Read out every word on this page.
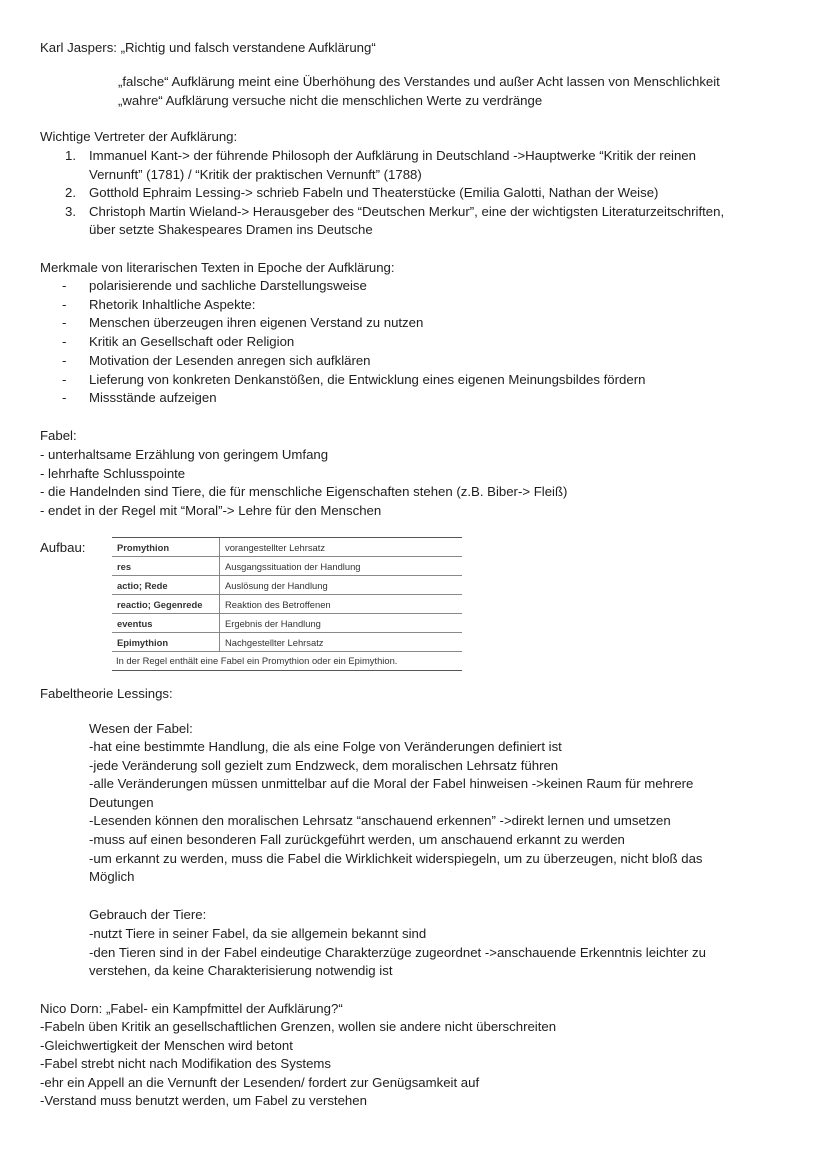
Karl Jaspers: „Richtig und falsch verstandene Aufklärung“

„falsche“ Aufklärung meint eine Überhöhung des Verstandes und außer Acht lassen von Menschlichkeit

„wahre“ Aufklärung versuche nicht die menschlichen Werte zu verdränge

Wichtige Vertreter der Aufklärung:
1. Immanuel Kant-> der führende Philosoph der Aufklärung in Deutschland ->Hauptwerke “Kritik der reinen
Vernunft” (1781) / “Kritik der praktischen Vernunft” (1788)
2. Gotthold Ephraim Lessing-> schrieb Fabeln und Theaterstücke (Emilia Galotti, Nathan der Weise)
3. Christoph Martin Wieland-> Herausgeber des “Deutschen Merkur”, eine der wichtigsten Literaturzeitschriften,
über setzte Shakespeares Dramen ins Deutsche
Merkmale von literarischen Texten in Epoche der Aufklärung:
- polarisierende und sachliche Darstellungsweise
- Rhetorik Inhaltliche Aspekte:
- Menschen überzeugen ihren eigenen Verstand zu nutzen
- Kritik an Gesellschaft oder Religion
- Motivation der Lesenden anregen sich aufklären
- Lieferung von konkreten Denkanstößen, die Entwicklung eines eigenen Meinungsbildes fördern
- Missstände aufzeigen
Fabel:

- unterhaltsame Erzählung von geringem Umfang

- lehrhafte Schlusspointe

- die Handelnden sind Tiere, die für menschliche Eigenschaften stehen (z.B. Biber-> Fleiß)

- endet in der Regel mit “Moral”-> Lehre für den Menschen

Aufbau:	Promythion	vorangestellter Lehrsatz
res	Ausgangssituation der Handlung
actio; Rede	Auslösung der Handlung
reactio; Gegenrede	Reaktion des Betroffenen
eventus	Ergebnis der Handlung
Epimythion	Nachgestellter Lehrsatz
In der Regel enthält eine Fabel ein Promythion oder ein Epimythion.
Fabeltheorie Lessings:
Wesen der Fabel:

-hat eine bestimmte Handlung, die als eine Folge von Veränderungen definiert ist

-jede Veränderung soll gezielt zum Endzweck, dem moralischen Lehrsatz führen

-alle Veränderungen müssen unmittelbar auf die Moral der Fabel hinweisen ->keinen Raum für mehrere

Deutungen

-Lesenden können den moralischen Lehrsatz “anschauend erkennen” ->direkt lernen und umsetzen

-muss auf einen besonderen Fall zurückgeführt werden, um anschauend erkannt zu werden

-um erkannt zu werden, muss die Fabel die Wirklichkeit widerspiegeln, um zu überzeugen, nicht bloß das

Möglich

Gebrauch der Tiere:

-nutzt Tiere in seiner Fabel, da sie allgemein bekannt sind

-den Tieren sind in der Fabel eindeutige Charakterzüge zugeordnet ->anschauende Erkenntnis leichter zu

verstehen, da keine Charakterisierung notwendig ist

Nico Dorn: „Fabel- ein Kampfmittel der Aufklärung?“

-Fabeln üben Kritik an gesellschaftlichen Grenzen, wollen sie andere nicht überschreiten

-Gleichwertigkeit der Menschen wird betont

-Fabel strebt nicht nach Modifikation des Systems

-ehr ein Appell an die Vernunft der Lesenden/ fordert zur Genügsamkeit auf

-Verstand muss benutzt werden, um Fabel zu verstehen
